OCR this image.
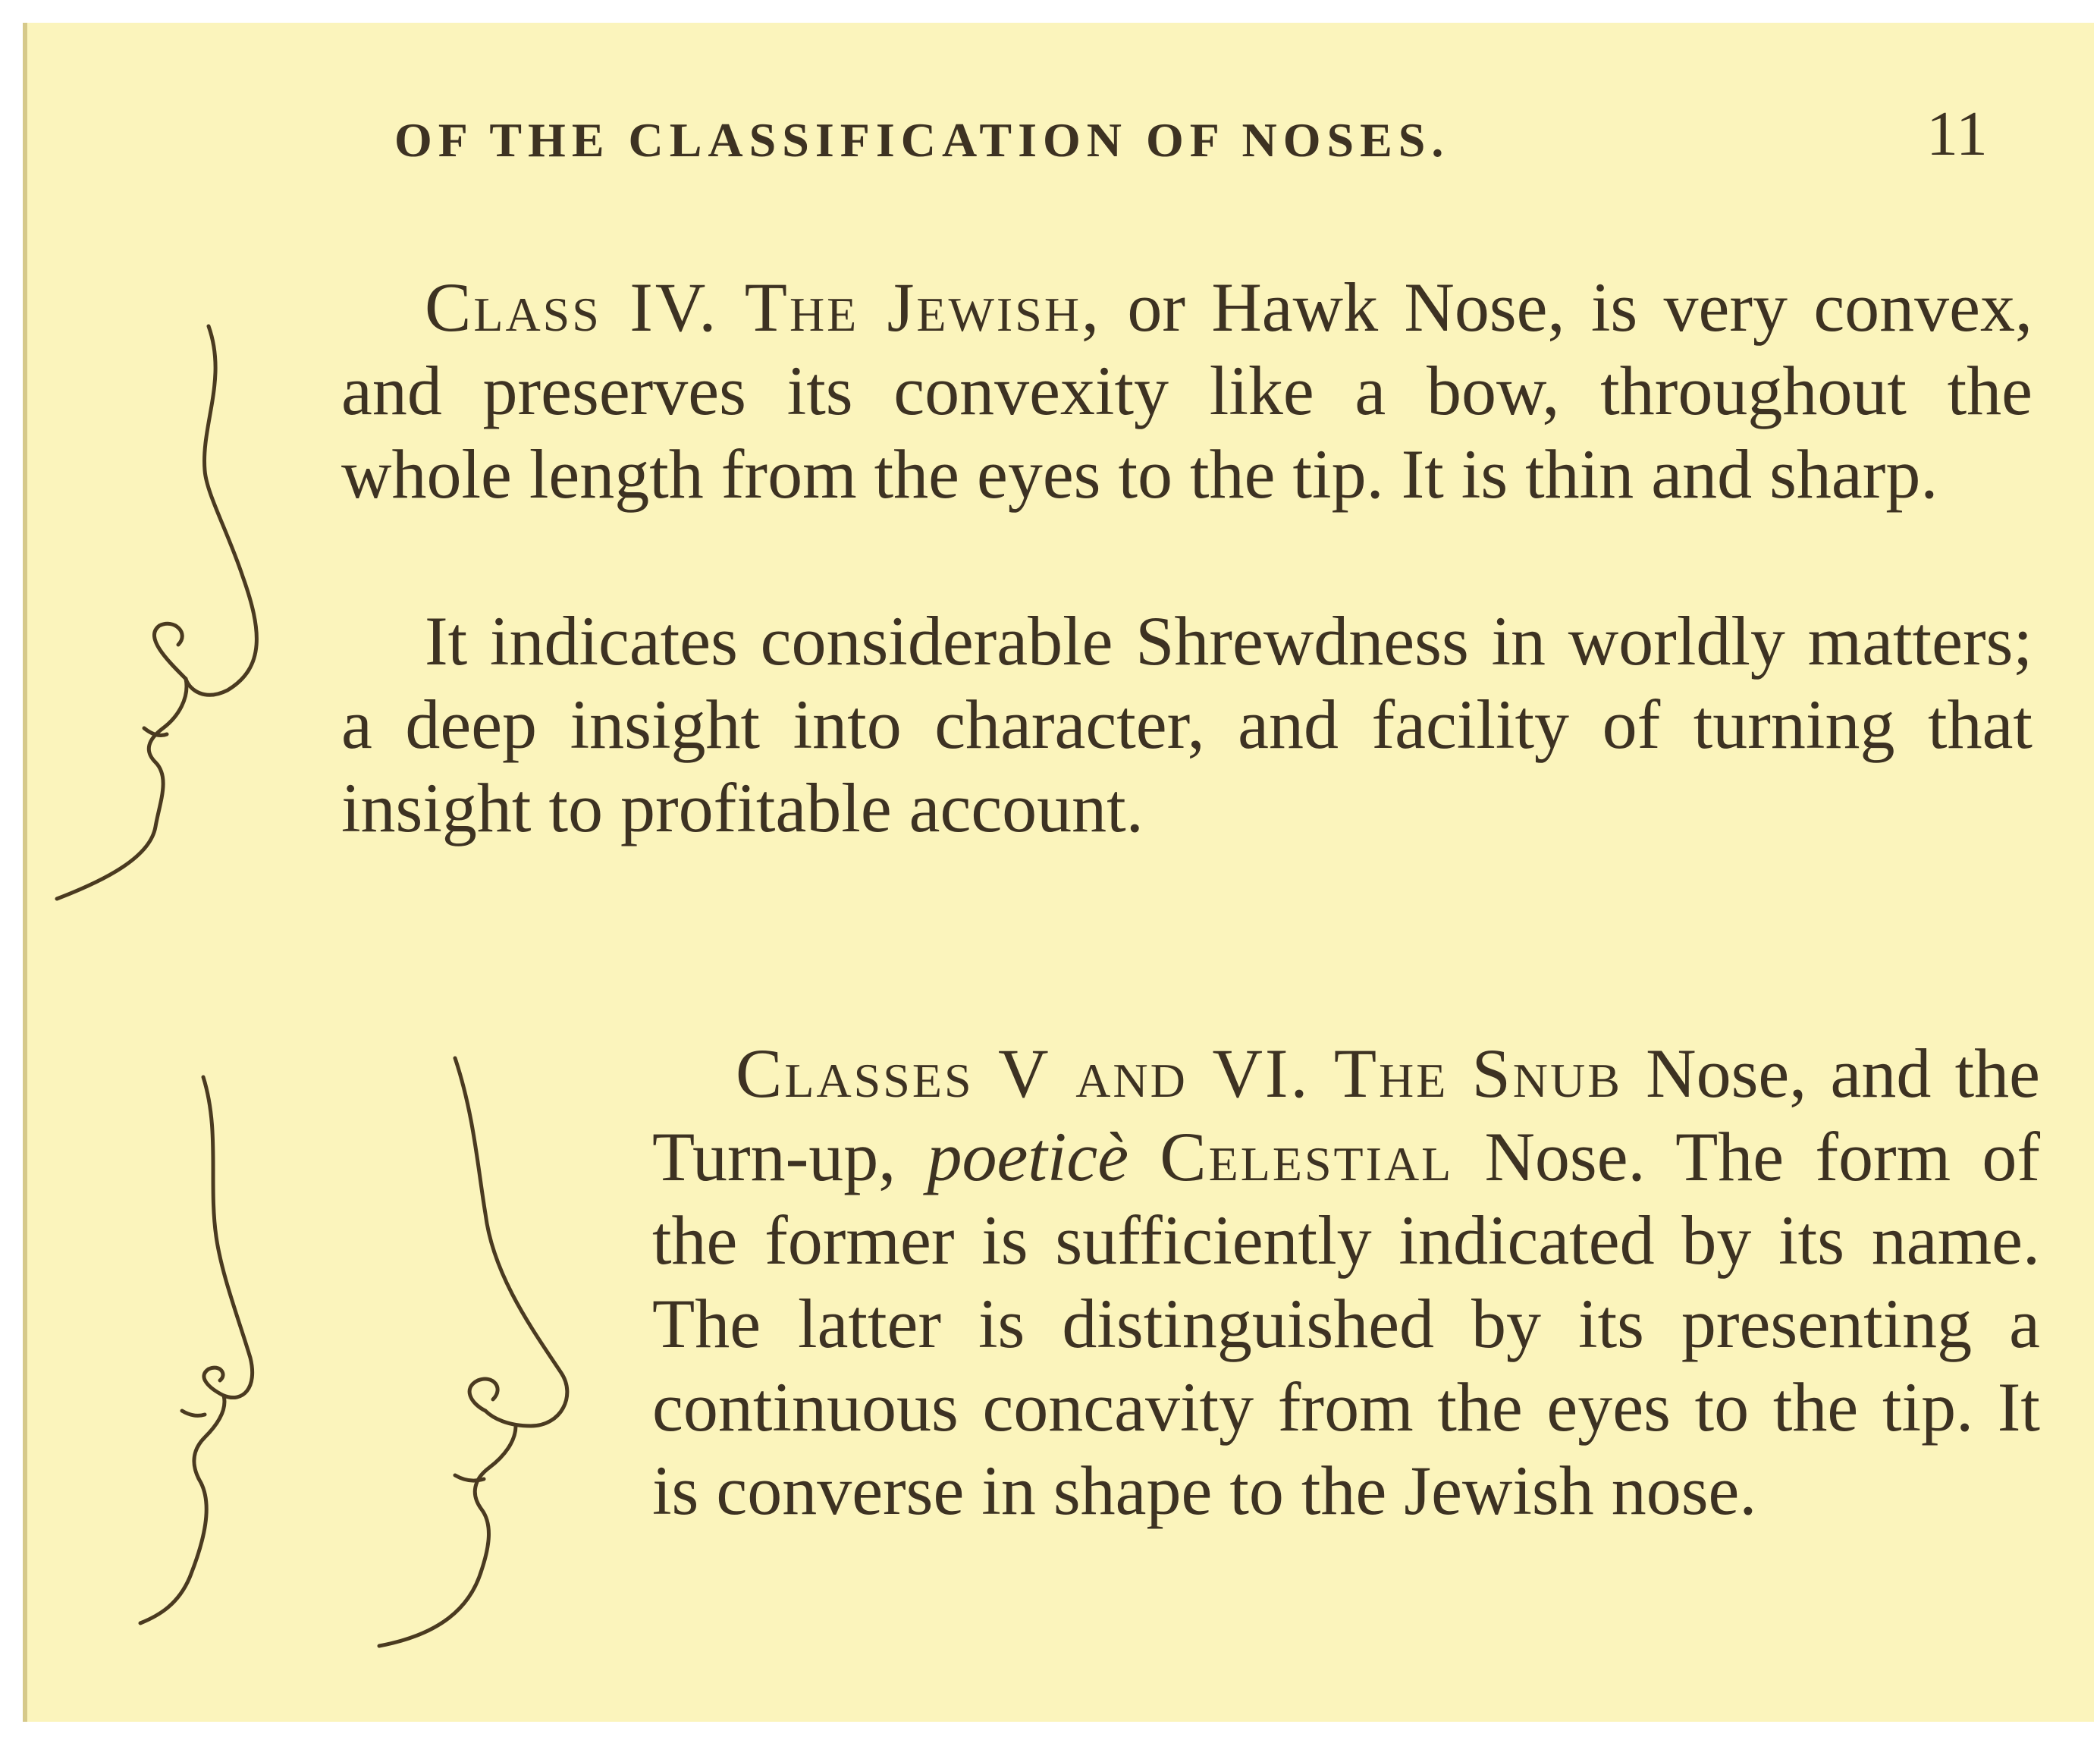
OF THE CLASSIFICATION OF NOSES.	11

Class IV. The Jewish, or Hawk Nose, is very convex, and preserves its convexity like a bow, throughout the whole length from the eyes to the tip. It is thin and sharp.

It indicates considerable Shrewdness in worldly matters; a deep insight into character, and facility of turning that insight to profitable account.

Classes V and VI. The Snub Nose, and the Turn-up, poeticè Celestial Nose. The form of the former is sufficiently indicated by its name. The latter is distinguished by its presenting a continuous concavity from the eyes to the tip. It is converse in shape to the Jewish nose.
